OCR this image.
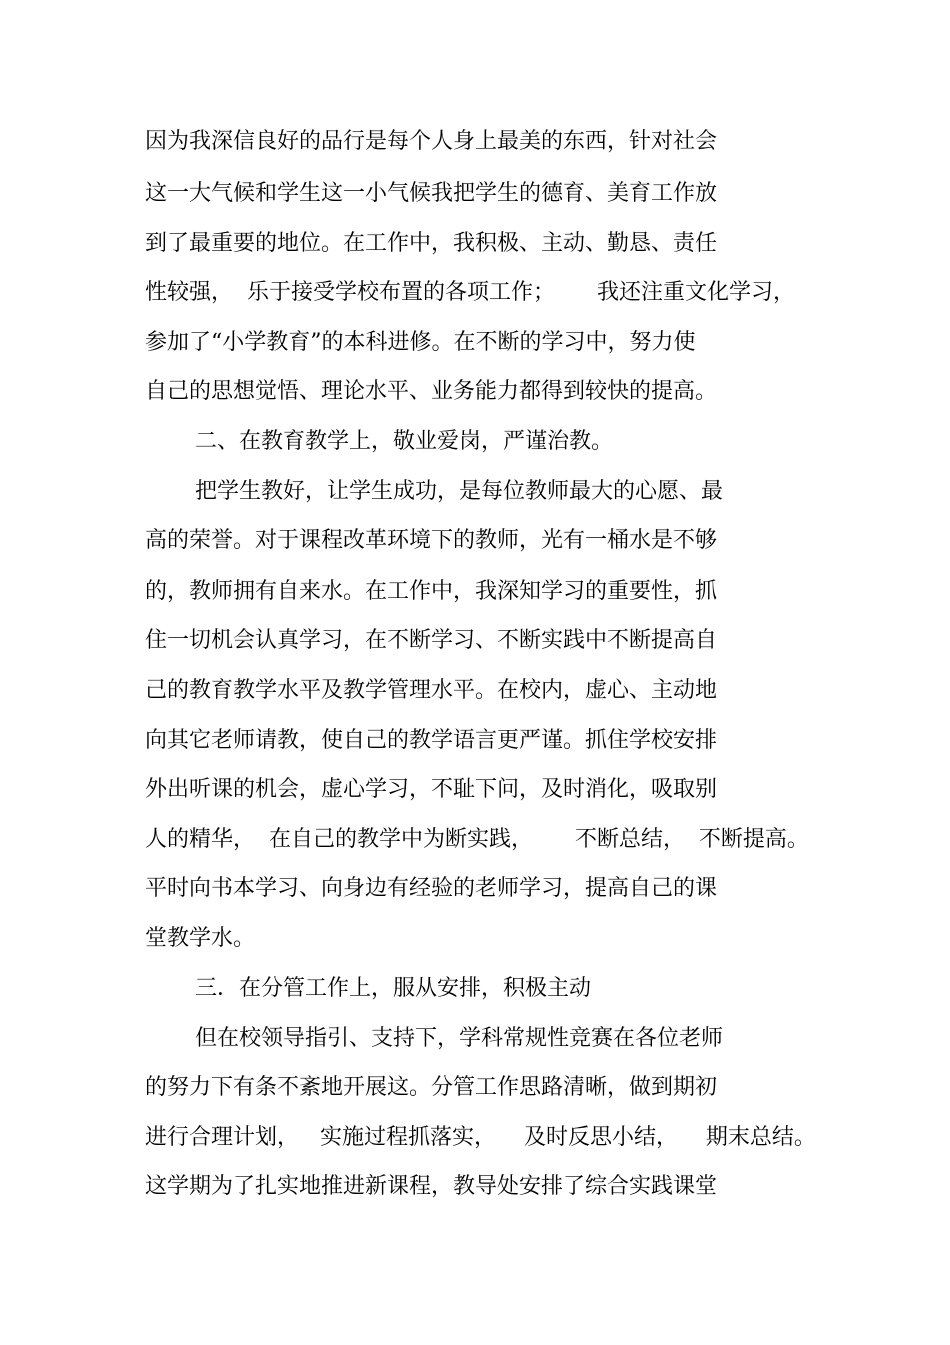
因为我深信良好的品行是每个人身上最美的东西，针对社会

这一大气候和学生这一小气候我把学生的德育、美育工作放

到了最重要的地位。在工作中，我积极、主动、勤恳、责任

性较强，  乐于接受学校布置的各项工作；      我还注重文化学习，

参加了“小学教育”的本科进修。在不断的学习中，努力使

自己的思想觉悟、理论水平、业务能力都得到较快的提高。

二、在教育教学上，敬业爱岗，严谨治教。

把学生教好，让学生成功，是每位教师最大的心愿、最

高的荣誉。对于课程改革环境下的教师，光有一桶水是不够

的，教师拥有自来水。在工作中，我深知学习的重要性，抓

住一切机会认真学习，在不断学习、不断实践中不断提高自

己的教育教学水平及教学管理水平。在校内，虚心、主动地

向其它老师请教，使自己的教学语言更严谨。抓住学校安排

外出听课的机会，虚心学习，不耻下问，及时消化，吸取别

人的精华，  在自己的教学中为断实践，      不断总结，  不断提高。

平时向书本学习、向身边有经验的老师学习，提高自己的课

堂教学水。

三．在分管工作上，服从安排，积极主动

但在校领导指引、支持下，学科常规性竞赛在各位老师

的努力下有条不紊地开展这。分管工作思路清晰，做到期初

进行合理计划，   实施过程抓落实，    及时反思小结，    期末总结。

这学期为了扎实地推进新课程，教导处安排了综合实践课堂
